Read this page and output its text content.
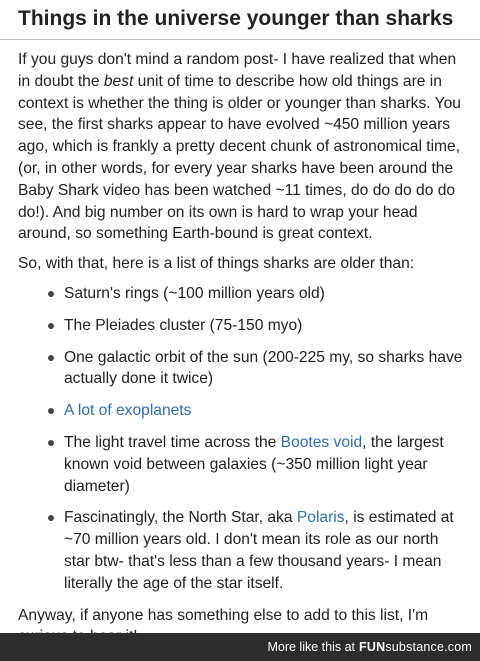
Things in the universe younger than sharks

If you guys don't mind a random post- I have realized that when in doubt the best unit of time to describe how old things are in context is whether the thing is older or younger than sharks. You see, the first sharks appear to have evolved ~450 million years ago, which is frankly a pretty decent chunk of astronomical time, (or, in other words, for every year sharks have been around the Baby Shark video has been watched ~11 times, do do do do do do!). And big number on its own is hard to wrap your head around, so something Earth-bound is great context.

So, with that, here is a list of things sharks are older than:

Saturn's rings (~100 million years old)
The Pleiades cluster (75-150 myo)
One galactic orbit of the sun (200-225 my, so sharks have actually done it twice)
A lot of exoplanets
The light travel time across the Bootes void, the largest known void between galaxies (~350 million light year diameter)
Fascinatingly, the North Star, aka Polaris, is estimated at ~70 million years old. I don't mean its role as our north star btw- that's less than a few thousand years- I mean literally the age of the star itself.

Anyway, if anyone has something else to add to this list, I'm

More like this at FUNsubstance.com
